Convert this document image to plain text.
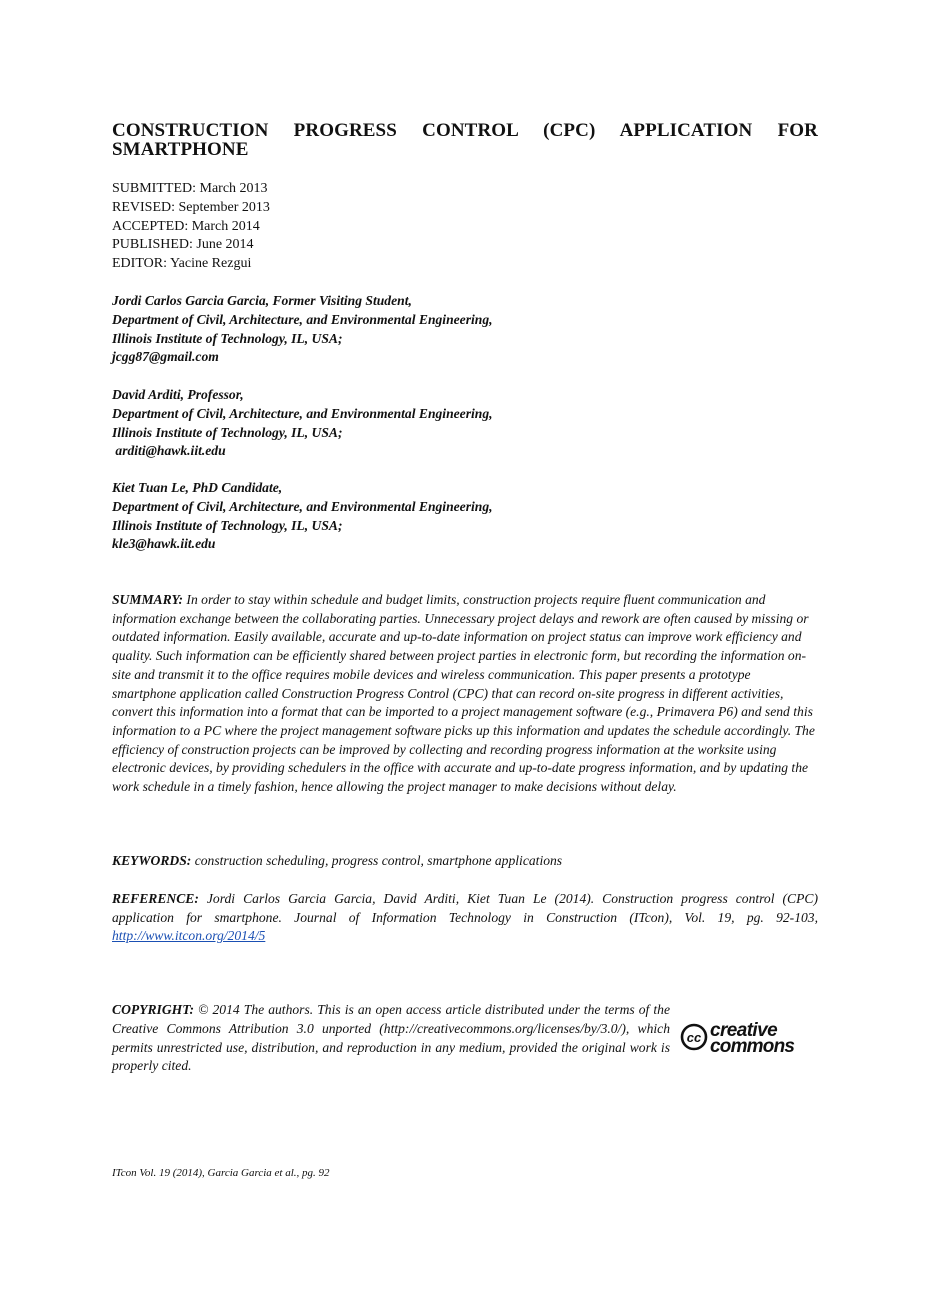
CONSTRUCTION PROGRESS CONTROL (CPC) APPLICATION FOR SMARTPHONE
SUBMITTED: March 2013
REVISED: September 2013
ACCEPTED: March 2014
PUBLISHED: June 2014
EDITOR: Yacine Rezgui
Jordi Carlos Garcia Garcia, Former Visiting Student,
Department of Civil, Architecture, and Environmental Engineering,
Illinois Institute of Technology, IL, USA;
jcgg87@gmail.com
David Arditi, Professor,
Department of Civil, Architecture, and Environmental Engineering,
Illinois Institute of Technology, IL, USA;
arditi@hawk.iit.edu
Kiet Tuan Le, PhD Candidate,
Department of Civil, Architecture, and Environmental Engineering,
Illinois Institute of Technology, IL, USA;
kle3@hawk.iit.edu

SUMMARY: In order to stay within schedule and budget limits, construction projects require fluent communication and information exchange between the collaborating parties. Unnecessary project delays and rework are often caused by missing or outdated information. Easily available, accurate and up-to-date information on project status can improve work efficiency and quality. Such information can be efficiently shared between project parties in electronic form, but recording the information on-site and transmit it to the office requires mobile devices and wireless communication. This paper presents a prototype smartphone application called Construction Progress Control (CPC) that can record on-site progress in different activities, convert this information into a format that can be imported to a project management software (e.g., Primavera P6) and send this information to a PC where the project management software picks up this information and updates the schedule accordingly. The efficiency of construction projects can be improved by collecting and recording progress information at the worksite using electronic devices, by providing schedulers in the office with accurate and up-to-date progress information, and by updating the work schedule in a timely fashion, hence allowing the project manager to make decisions without delay.

KEYWORDS: construction scheduling, progress control, smartphone applications
REFERENCE: Jordi Carlos Garcia Garcia, David Arditi, Kiet Tuan Le (2014). Construction progress control (CPC) application for smartphone. Journal of Information Technology in Construction (ITcon), Vol. 19, pg. 92-103, http://www.itcon.org/2014/5
cc creative
commons
COPYRIGHT: © 2014 The authors. This is an open access article distributed under the terms of the Creative Commons Attribution 3.0 unported (http://creativecommons.org/licenses/by/3.0/), which permits unrestricted use, distribution, and reproduction in any medium, provided the original work is properly cited.
ITcon Vol. 19 (2014), Garcia Garcia et al., pg. 92
